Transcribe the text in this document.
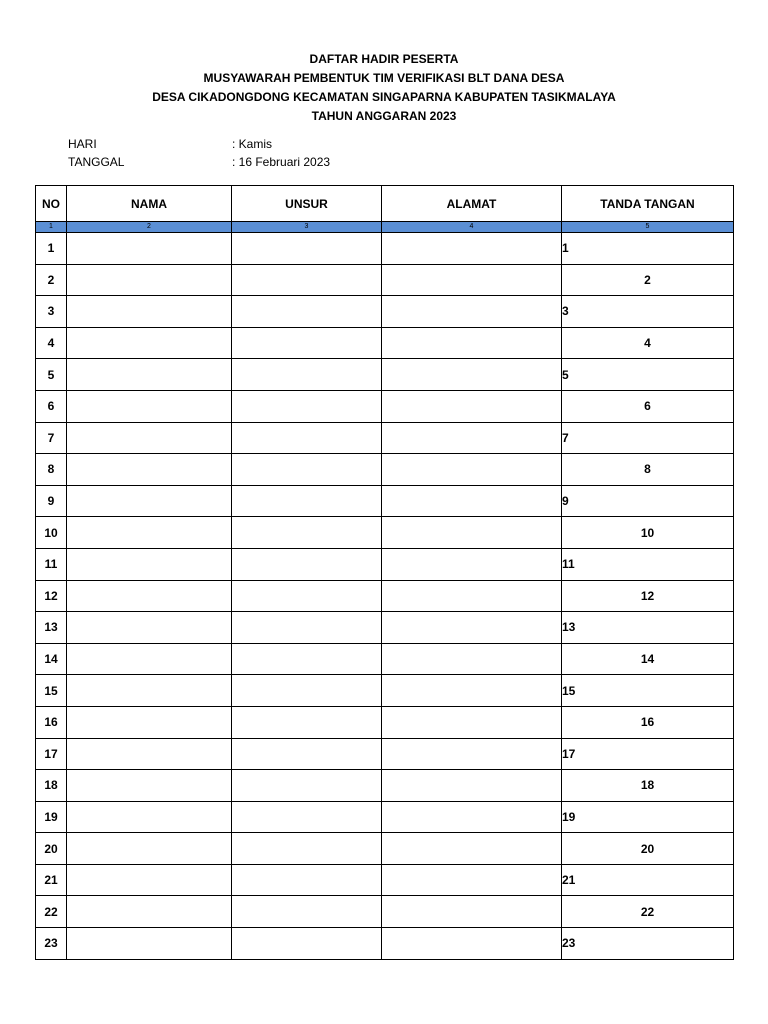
DAFTAR HADIR PESERTA
MUSYAWARAH PEMBENTUK TIM VERIFIKASI BLT DANA DESA
DESA CIKADONGDONG KECAMATAN SINGAPARNA KABUPATEN TASIKMALAYA
TAHUN ANGGARAN 2023
HARI	: Kamis
TANGGAL	: 16 Februari 2023
NO	NAMA	UNSUR	ALAMAT	TANDA TANGAN
1	2	3	4	5
1				1
2				2
3				3
4				4
5				5
6				6
7				7
8				8
9				9
10				10
11				11
12				12
13				13
14				14
15				15
16				16
17				17
18				18
19				19
20				20
21				21
22				22
23				23
